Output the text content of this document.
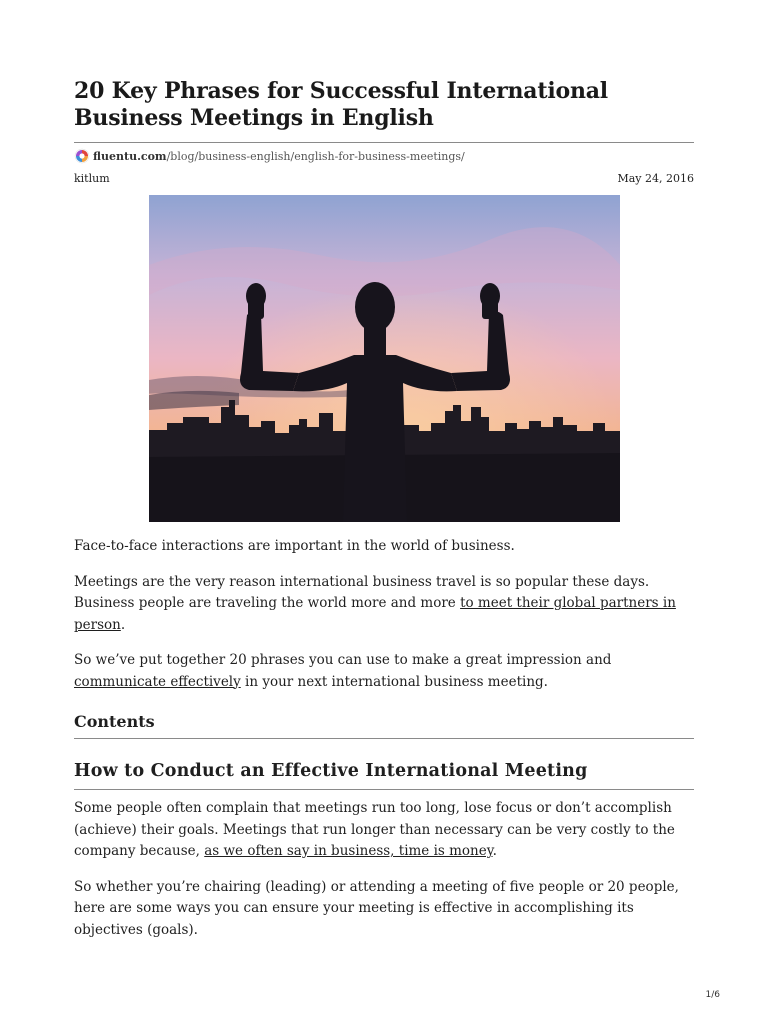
20 Key Phrases for Successful International Business Meetings in English
fluentu.com /blog/business-english/english-for-business-meetings/
kitlum	May 24, 2016

Face-to-face interactions are important in the world of business.

Meetings are the very reason international business travel is so popular these days. Business people are traveling the world more and more to meet their global partners in person.

So we’ve put together 20 phrases you can use to make a great impression and communicate effectively in your next international business meeting.

Contents
How to Conduct an Effective International Meeting

Some people often complain that meetings run too long, lose focus or don’t accomplish (achieve) their goals. Meetings that run longer than necessary can be very costly to the company because, as we often say in business, time is money.

So whether you’re chairing (leading) or attending a meeting of five people or 20 people, here are some ways you can ensure your meeting is effective in accomplishing its objectives (goals).

1/6
